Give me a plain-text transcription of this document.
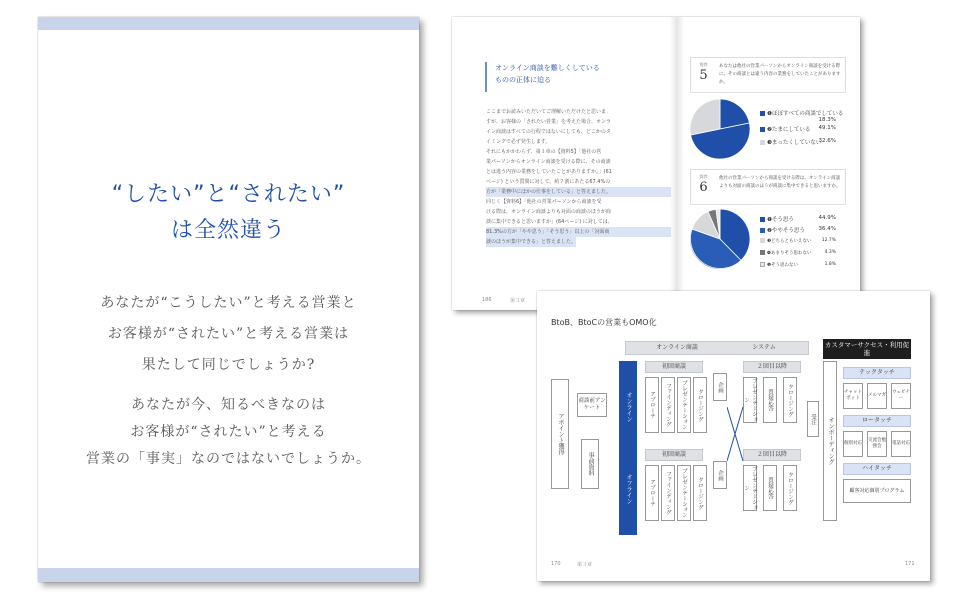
“したい”と“されたい”
は全然違う
あなたが“こうしたい”と考える営業と
お客様が“されたい”と考える営業は
果たして同じでしょうか?
あなたが今、知るべきなのは
お客様が“されたい”と考える
営業の「事実」なのではないでしょうか。
オンライン商談を難しくしている
ものの正体に迫る
ここまでお読みいただいてご理解いただけたと思いま
すが、お客様の「されたい営業」を考えた場合、オンラ
イン商談はすべての行程ではないにしても、どこかのタ
イミングで必ず発生します。
それにもかかわらず、第１章の【資料5】「他社の営
業パーソンからオンライン商談を受ける際に、その商談
とは違う内容の業務をしていたことがありますか。」(61
ページ) という質問に対して、約７割にあたる67.4%の
方が「業務中にほかの仕事をしている」と答えました。
同じく【資料6】「他社の営業パーソンから商談を受
ける際は、オンライン商談よりも対面の商談のほうが商
談に集中できると思いますか」(64ページ) に対しては、
81.3%の方が「やや思う」「そう思う」以上の「対面商
談のほうが集中できる」と答えました。
186	第３章
質問
5
あなたは他社の営業パーソンからオンライン商談を受ける際に、その商談とは違う内容の業務をしていたことがありますか。
❶ほぼすべての商談でしている
18.3%
❷たまにしている	49.1%
❸まったくしていない
32.6%
質問
6
他社の営業パーソンから商談を受ける際は、オンライン商談よりも対面の商談のほうが商談に集中できると思いますか。
❶そう思う	44.9%
❷ややそう思う	36.4%
❸どちらともいえない	12.7%
❹あまりそう思わない	4.3%
❺そう思わない	1.8%
BtoB、BtoCの営業もOMO化
オンライン商談	システム	カスタマーサクセス・利用促進
アポイント獲得
商談前アンケート
事前資料
オンライン
オフライン
初回商談
アプローチ	ファインディング	プレゼンテーション	クロージング
企画
２回目以降
プレゼンテーション	質疑応答	クロージング
初回商談
アプローチ	ファインディング	プレゼンテーション	クロージング
企画
２回目以降
プレゼンテーション	質疑応答	クロージング
受注	オンボーディング
テックタッチ
チャットボット
メルマガ
ウェビナー
ロータッチ
個別対応
交流会勉強会
電話対応
ハイタッチ
顧客対応個別プログラム
170	第３章	171
